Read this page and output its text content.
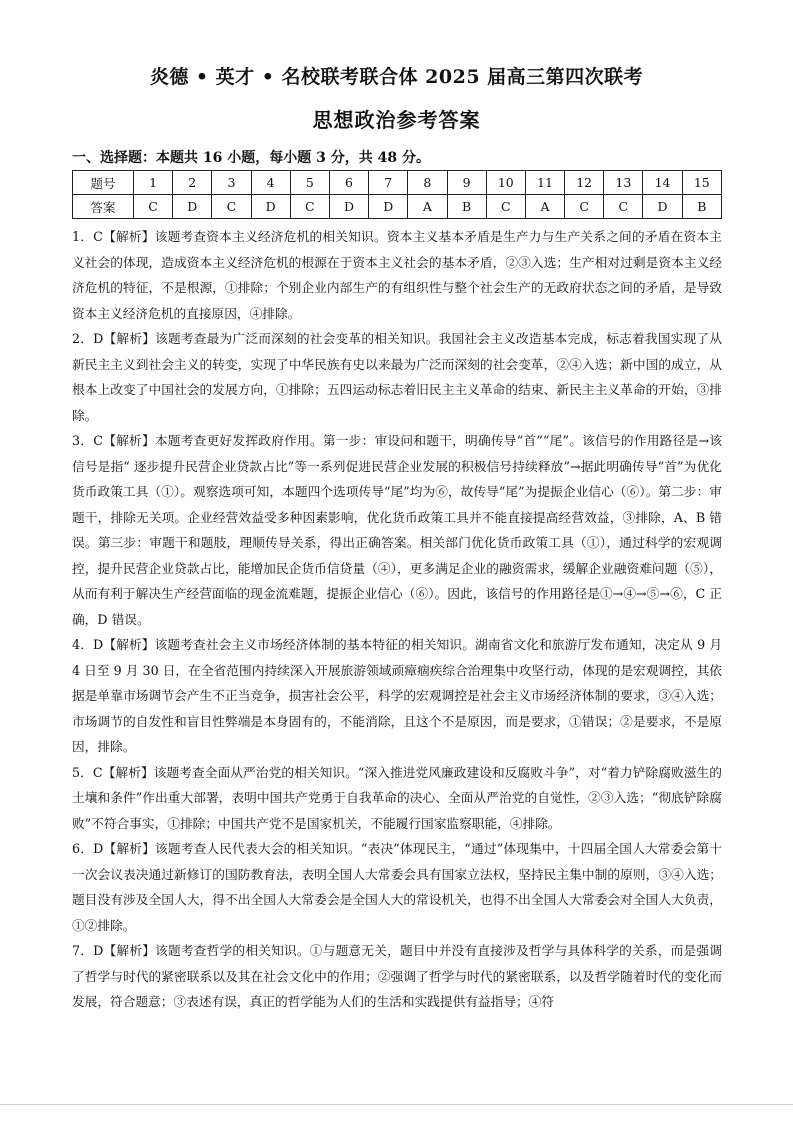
炎德 • 英才 • 名校联考联合体 2025 届高三第四次联考
思想政治参考答案
一、选择题：本题共 16 小题，每小题 3 分，共 48 分。
题号	1	2	3	4	5	6	7	8	9	10	11	12	13	14	15
答案	C	D	C	D	C	D	D	A	B	C	A	C	C	D	B

1．C【解析】该题考查资本主义经济危机的相关知识。资本主义基本矛盾是生产力与生产关系之间的矛盾在资本主义社会的体现，造成资本主义经济危机的根源在于资本主义社会的基本矛盾，②③入选；生产相对过剩是资本主义经济危机的特征，不是根源，①排除；个别企业内部生产的有组织性与整个社会生产的无政府状态之间的矛盾，是导致资本主义经济危机的直接原因，④排除。

2．D【解析】该题考查最为广泛而深刻的社会变革的相关知识。我国社会主义改造基本完成，标志着我国实现了从新民主主义到社会主义的转变，实现了中华民族有史以来最为广泛而深刻的社会变革，②④入选；新中国的成立，从根本上改变了中国社会的发展方向，①排除；五四运动标志着旧民主主义革命的结束、新民主主义革命的开始，③排除。

3．C【解析】本题考查更好发挥政府作用。第一步：审设问和题干，明确传导“首”“尾”。该信号的作用路径是→该信号是指“ 逐步提升民营企业贷款占比”等一系列促进民营企业发展的积极信号持续释放”→据此明确传导“首”为优化货币政策工具（①）。观察选项可知，本题四个选项传导“尾”均为⑥，故传导“尾”为提振企业信心（⑥）。第二步：审题干，排除无关项。企业经营效益受多种因素影响，优化货币政策工具并不能直接提高经营效益，③排除，A、B 错误。第三步：审题干和题肢，理顺传导关系，得出正确答案。相关部门优化货币政策工具（①），通过科学的宏观调控，提升民营企业贷款占比，能增加民企货币信贷量（④），更多满足企业的融资需求，缓解企业融资难问题（⑤），从而有利于解决生产经营面临的现金流难题，提振企业信心（⑥）。因此，该信号的作用路径是①→④→⑤→⑥，C 正确，D 错误。

4．D【解析】该题考查社会主义市场经济体制的基本特征的相关知识。湖南省文化和旅游厅发布通知，决定从 9 月 4 日至 9 月 30 日，在全省范围内持续深入开展旅游领域顽瘴痼疾综合治理集中攻坚行动，体现的是宏观调控，其依据是单靠市场调节会产生不正当竞争，损害社会公平，科学的宏观调控是社会主义市场经济体制的要求，③④入选；市场调节的自发性和盲目性弊端是本身固有的，不能消除，且这个不是原因，而是要求，①错误；②是要求，不是原因，排除。

5．C【解析】该题考查全面从严治党的相关知识。“深入推进党风廉政建设和反腐败斗争”，对“着力铲除腐败滋生的土壤和条件”作出重大部署，表明中国共产党勇于自我革命的决心、全面从严治党的自觉性，②③入选；“彻底铲除腐败”不符合事实，①排除；中国共产党不是国家机关，不能履行国家监察职能，④排除。

6．D【解析】该题考查人民代表大会的相关知识。“表决”体现民主，“通过”体现集中，十四届全国人大常委会第十一次会议表决通过新修订的国防教育法，表明全国人大常委会具有国家立法权，坚持民主集中制的原则，③④入选；题目没有涉及全国人大，得不出全国人大常委会是全国人大的常设机关，也得不出全国人大常委会对全国人大负责，①②排除。

7．D【解析】该题考查哲学的相关知识。①与题意无关，题目中并没有直接涉及哲学与具体科学的关系，而是强调了哲学与时代的紧密联系以及其在社会文化中的作用；②强调了哲学与时代的紧密联系，以及哲学随着时代的变化而发展，符合题意；③表述有误，真正的哲学能为人们的生活和实践提供有益指导；④符
